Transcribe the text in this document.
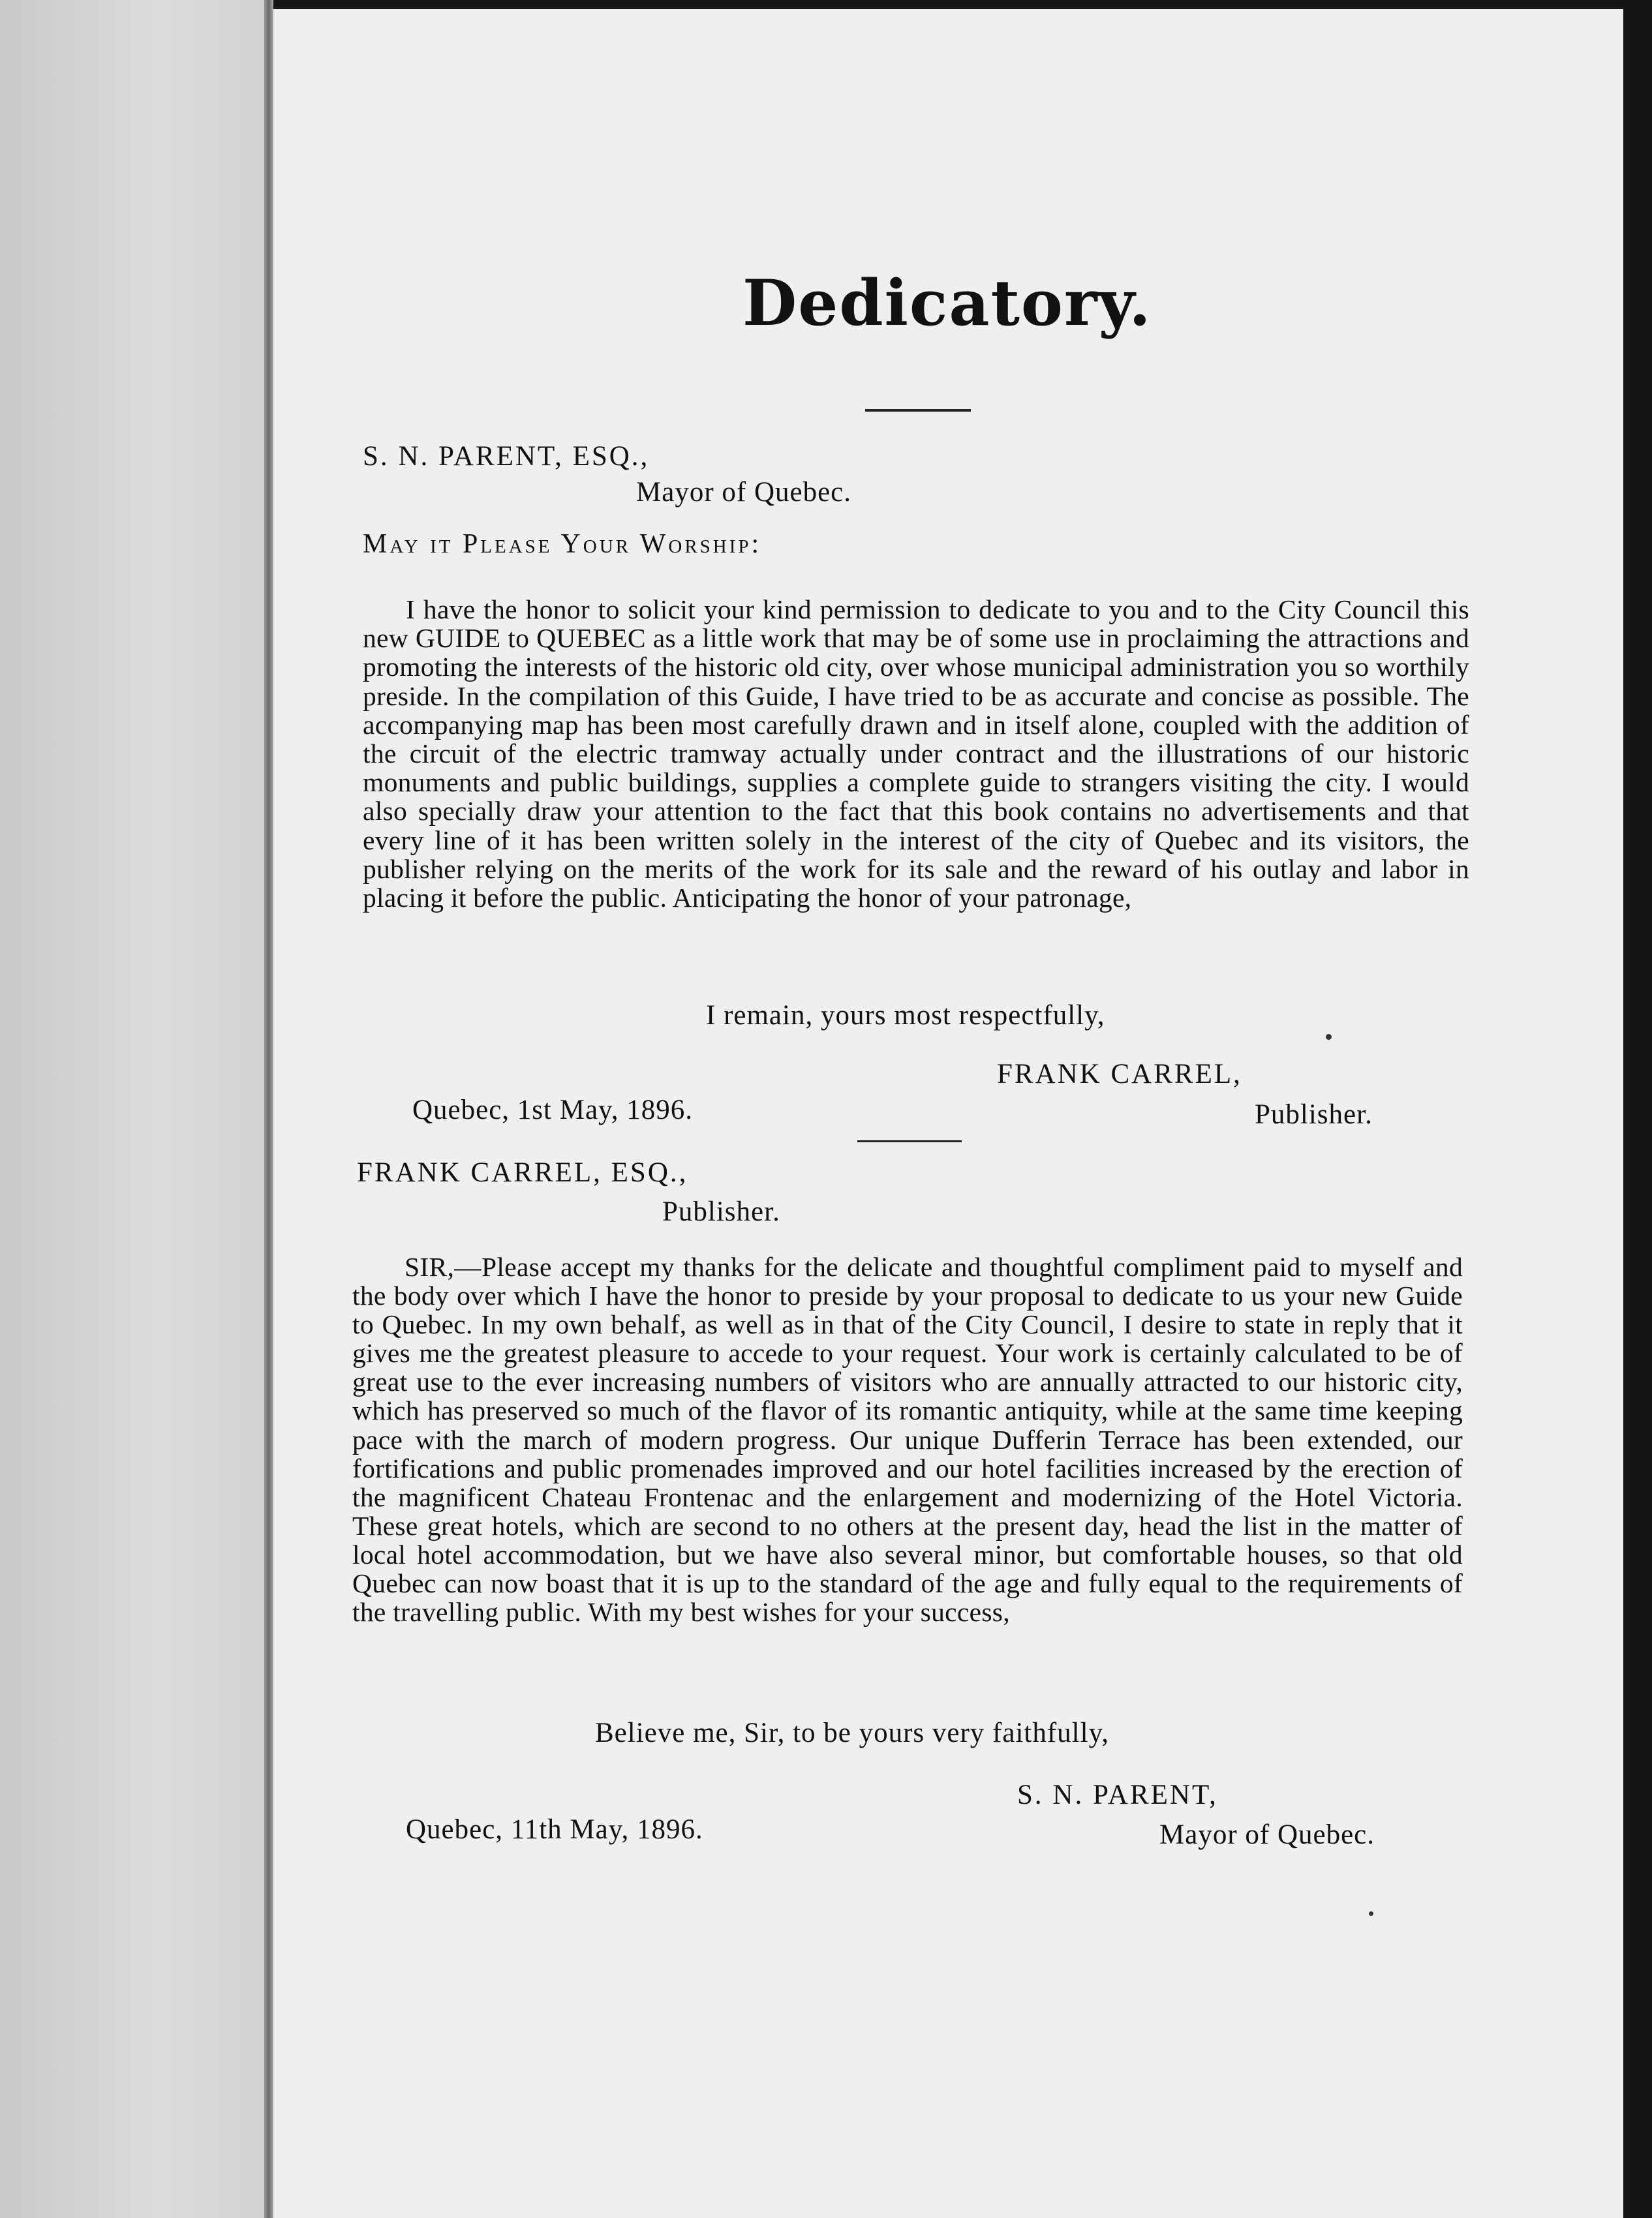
Dedicatory.
S. N. PARENT, ESQ.,
Mayor of Quebec.
May it Please Your Worship:
I have the honor to solicit your kind permission to dedicate to you and to the City Council this new GUIDE to QUEBEC as a little work that may be of some use in proclaiming the attractions and promoting the interests of the historic old city, over whose municipal administration you so worthily preside. In the compilation of this Guide, I have tried to be as accurate and concise as possible. The accompanying map has been most carefully drawn and in itself alone, coupled with the addition of the circuit of the electric tramway actually under contract and the illustrations of our historic monuments and public buildings, supplies a complete guide to strangers visiting the city. I would also specially draw your attention to the fact that this book contains no advertisements and that every line of it has been written solely in the interest of the city of Quebec and its visitors, the publisher relying on the merits of the work for its sale and the reward of his outlay and labor in placing it before the public. Anticipating the honor of your patronage,
I remain, yours most respectfully,
FRANK CARREL,
Quebec, 1st May, 1896.	Publisher.
FRANK CARREL, ESQ.,
Publisher.
SIR,—Please accept my thanks for the delicate and thoughtful compliment paid to myself and the body over which I have the honor to preside by your proposal to dedicate to us your new Guide to Quebec. In my own behalf, as well as in that of the City Council, I desire to state in reply that it gives me the greatest pleasure to accede to your request. Your work is certainly calculated to be of great use to the ever increasing numbers of visitors who are annually attracted to our historic city, which has preserved so much of the flavor of its romantic antiquity, while at the same time keeping pace with the march of modern progress. Our unique Dufferin Terrace has been extended, our fortifications and public promenades improved and our hotel facilities increased by the erection of the magnificent Chateau Frontenac and the enlargement and modernizing of the Hotel Victoria. These great hotels, which are second to no others at the present day, head the list in the matter of local hotel accommodation, but we have also several minor, but comfortable houses, so that old Quebec can now boast that it is up to the standard of the age and fully equal to the requirements of the travelling public. With my best wishes for your success,
Believe me, Sir, to be yours very faithfully,
S. N. PARENT,
Quebec, 11th May, 1896.	Mayor of Quebec.
